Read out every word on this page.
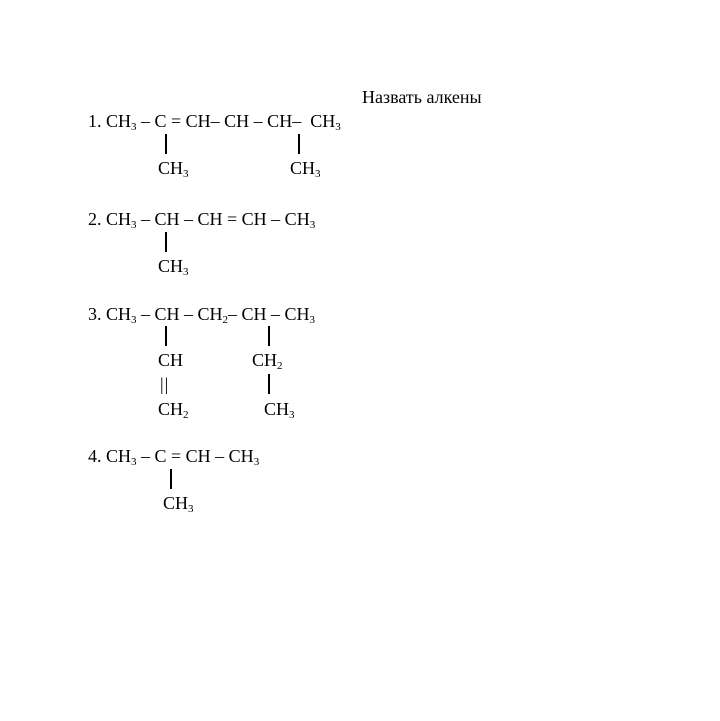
Назвать алкены
1. CH3 – C = CH– CH – CH–  CH3
CH3	CH3
2. CH3 – CH – CH = CH – CH3
CH3
3. CH3 – CH – CH2– CH – CH3
CH	CH2
||
CH2	CH3
4. CH3 – C = CH – CH3
CH3
